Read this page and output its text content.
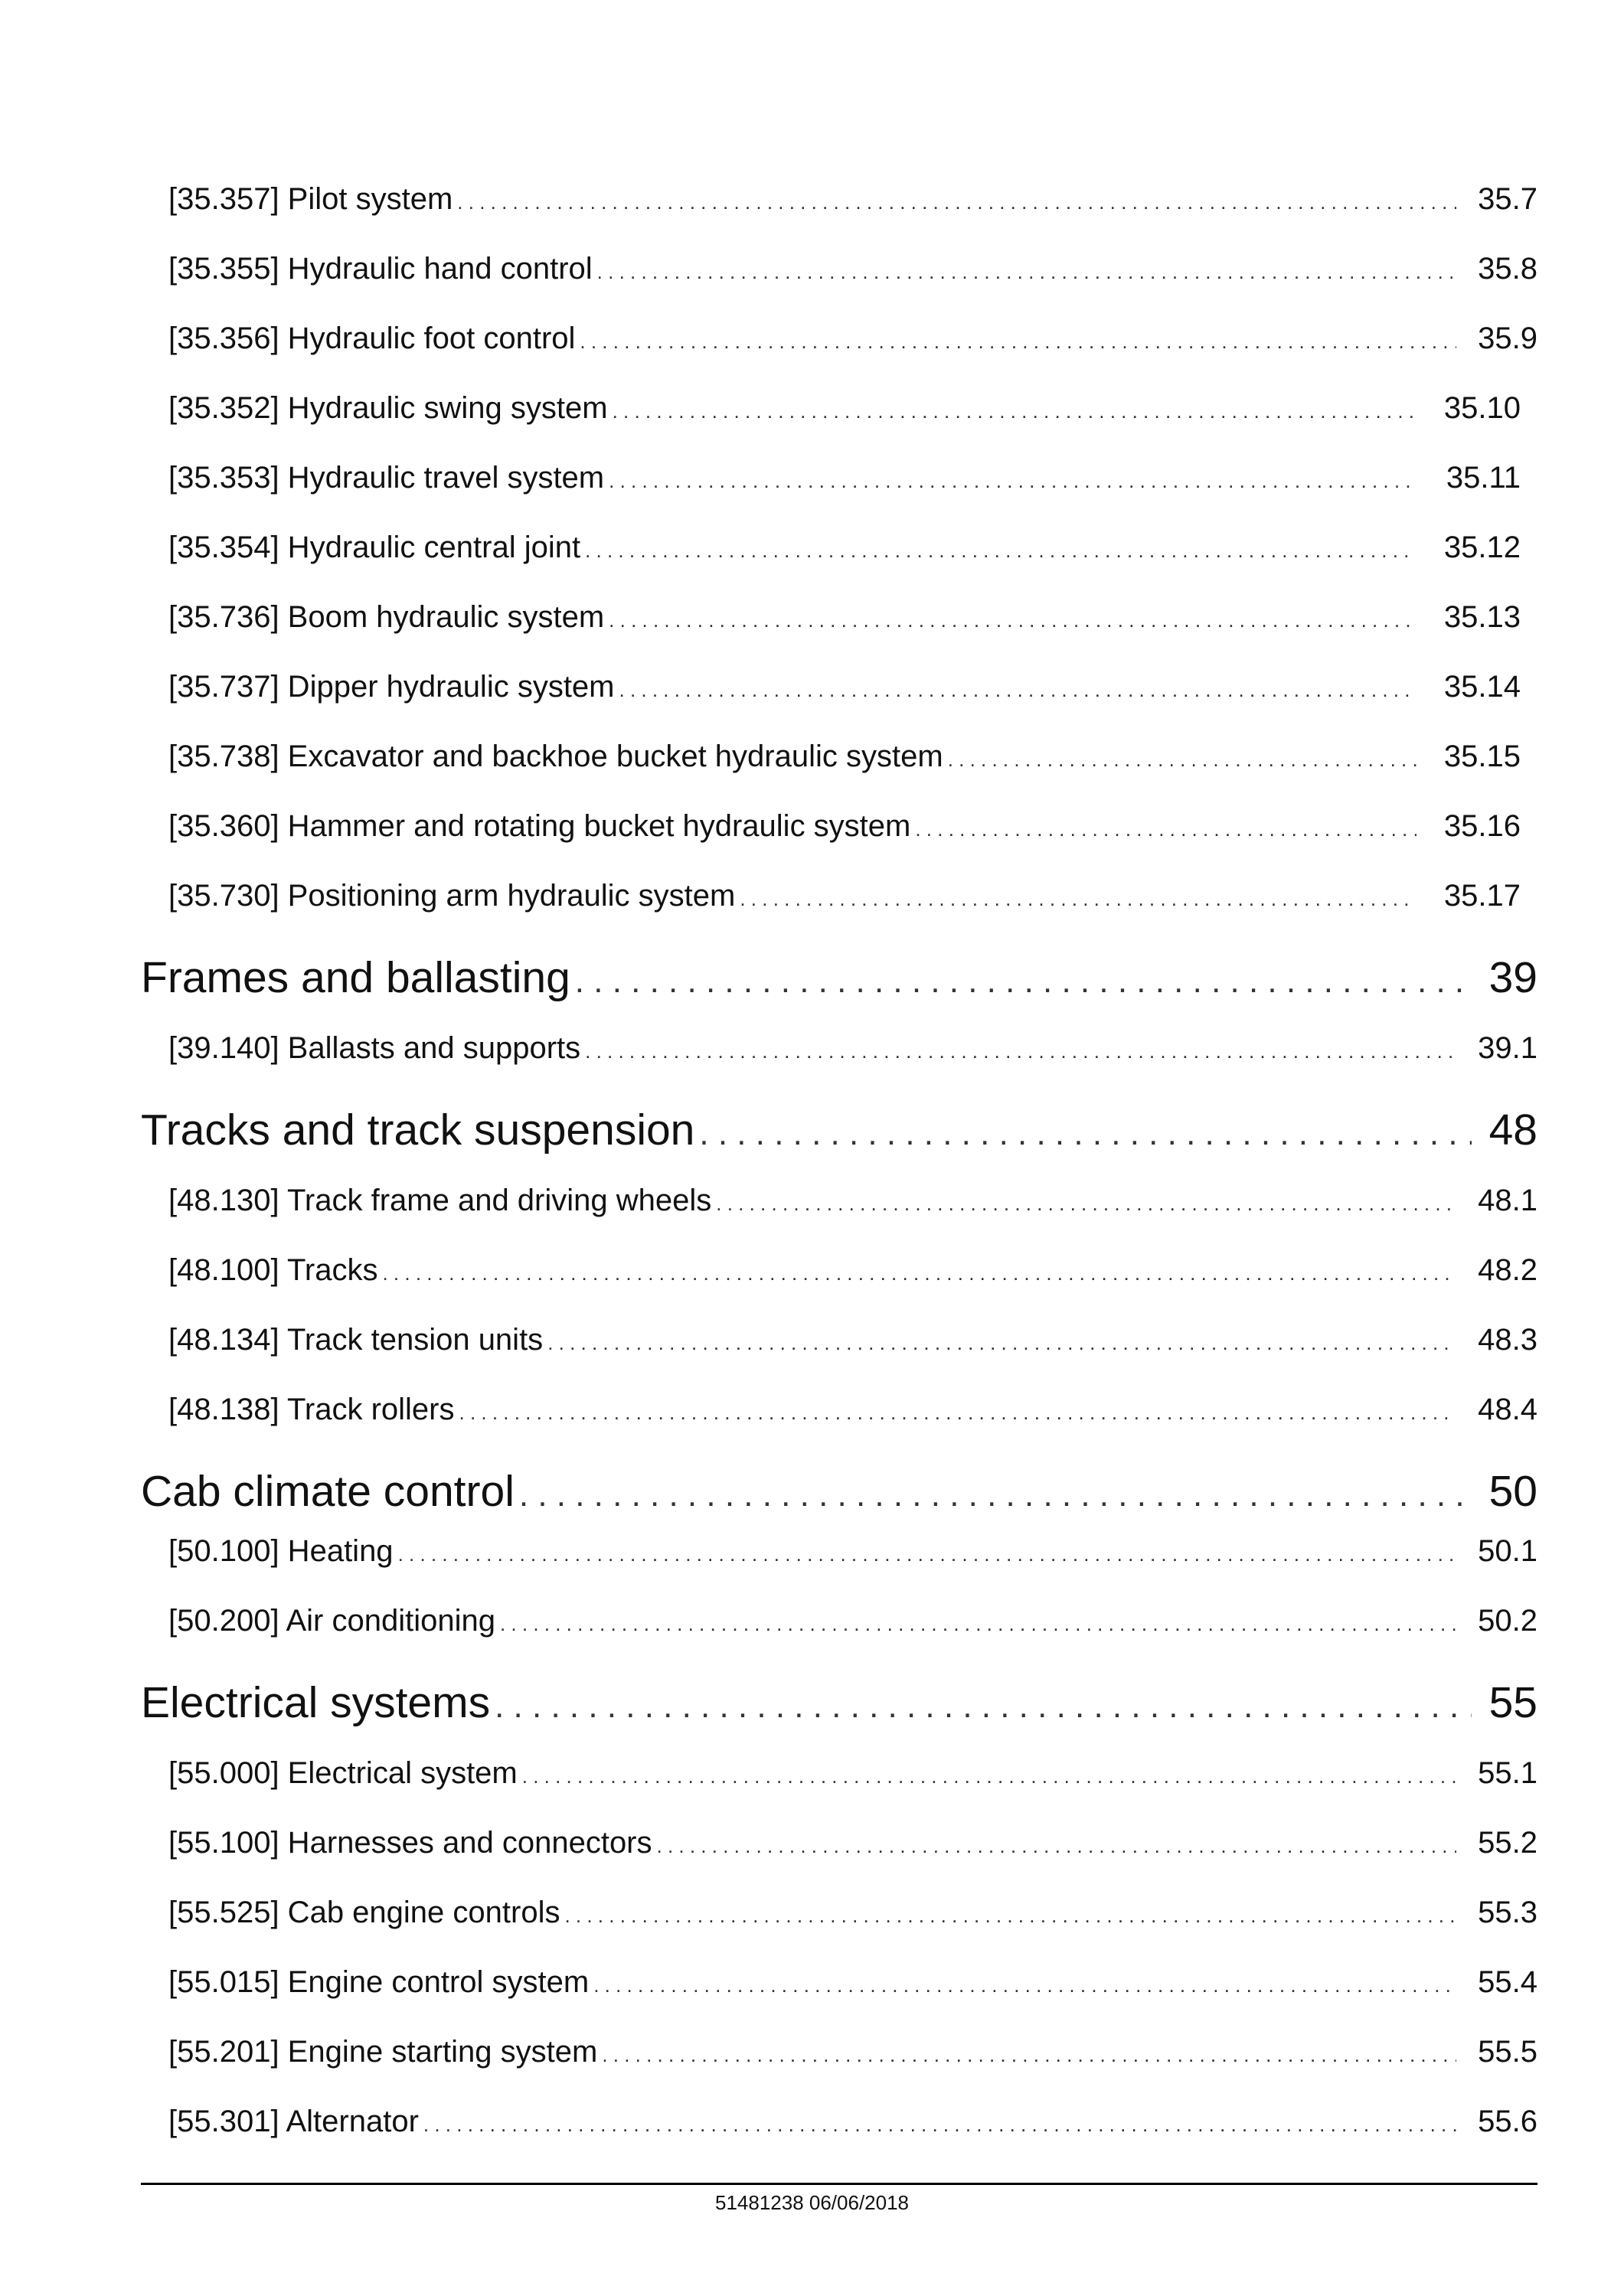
[35.357] Pilot system . . .	35.7
[35.355] Hydraulic hand control . . .	35.8
[35.356] Hydraulic foot control . . .	35.9
[35.352] Hydraulic swing system . . .	35.10
[35.353] Hydraulic travel system . . .	35.11
[35.354] Hydraulic central joint . . .	35.12
[35.736] Boom hydraulic system . . .	35.13
[35.737] Dipper hydraulic system . . .	35.14
[35.738] Excavator and backhoe bucket hydraulic system . . .	35.15
[35.360] Hammer and rotating bucket hydraulic system . . .	35.16
[35.730] Positioning arm hydraulic system . . .	35.17
Frames and ballasting . . .	39
[39.140] Ballasts and supports . . .	39.1
Tracks and track suspension . . .	48
[48.130] Track frame and driving wheels . . .	48.1
[48.100] Tracks . . .	48.2
[48.134] Track tension units . . .	48.3
[48.138] Track rollers . . .	48.4
Cab climate control . . .	50
[50.100] Heating . . .	50.1
[50.200] Air conditioning . . .	50.2
Electrical systems . . .	55
[55.000] Electrical system . . .	55.1
[55.100] Harnesses and connectors . . .	55.2
[55.525] Cab engine controls . . .	55.3
[55.015] Engine control system . . .	55.4
[55.201] Engine starting system . . .	55.5
[55.301] Alternator . . .	55.6
51481238 06/06/2018
